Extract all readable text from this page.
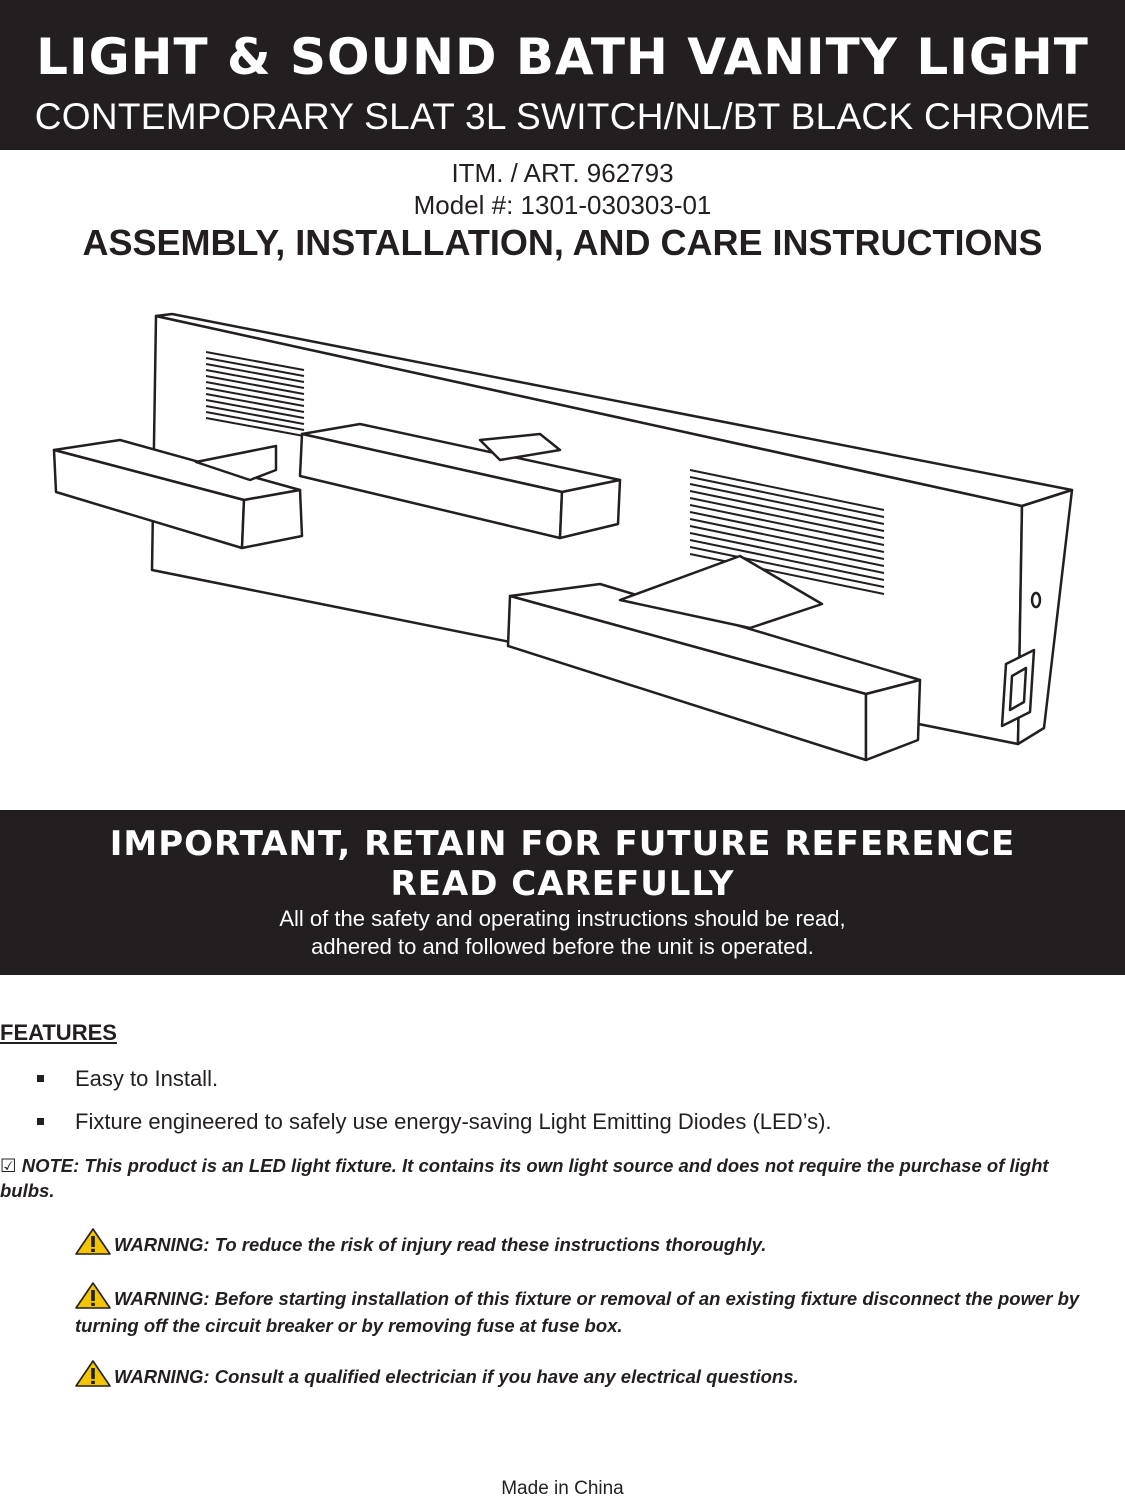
LIGHT & SOUND BATH VANITY LIGHT
CONTEMPORARY SLAT 3L SWITCH/NL/BT BLACK CHROME
ITM. / ART. 962793
Model #: 1301-030303-01
ASSEMBLY, INSTALLATION, AND CARE INSTRUCTIONS
IMPORTANT, RETAIN FOR FUTURE REFERENCE
READ CAREFULLY
All of the safety and operating instructions should be read,
adhered to and followed before the unit is operated.
FEATURES
Easy to Install.
Fixture engineered to safely use energy-saving Light Emitting Diodes (LED’s).
☑ NOTE: This product is an LED light fixture. It contains its own light source and does not require the purchase of light bulbs.
WARNING: To reduce the risk of injury read these instructions thoroughly.
WARNING: Before starting installation of this fixture or removal of an existing fixture disconnect the power by turning off the circuit breaker or by removing fuse at fuse box.
WARNING: Consult a qualified electrician if you have any electrical questions.
Made in China
